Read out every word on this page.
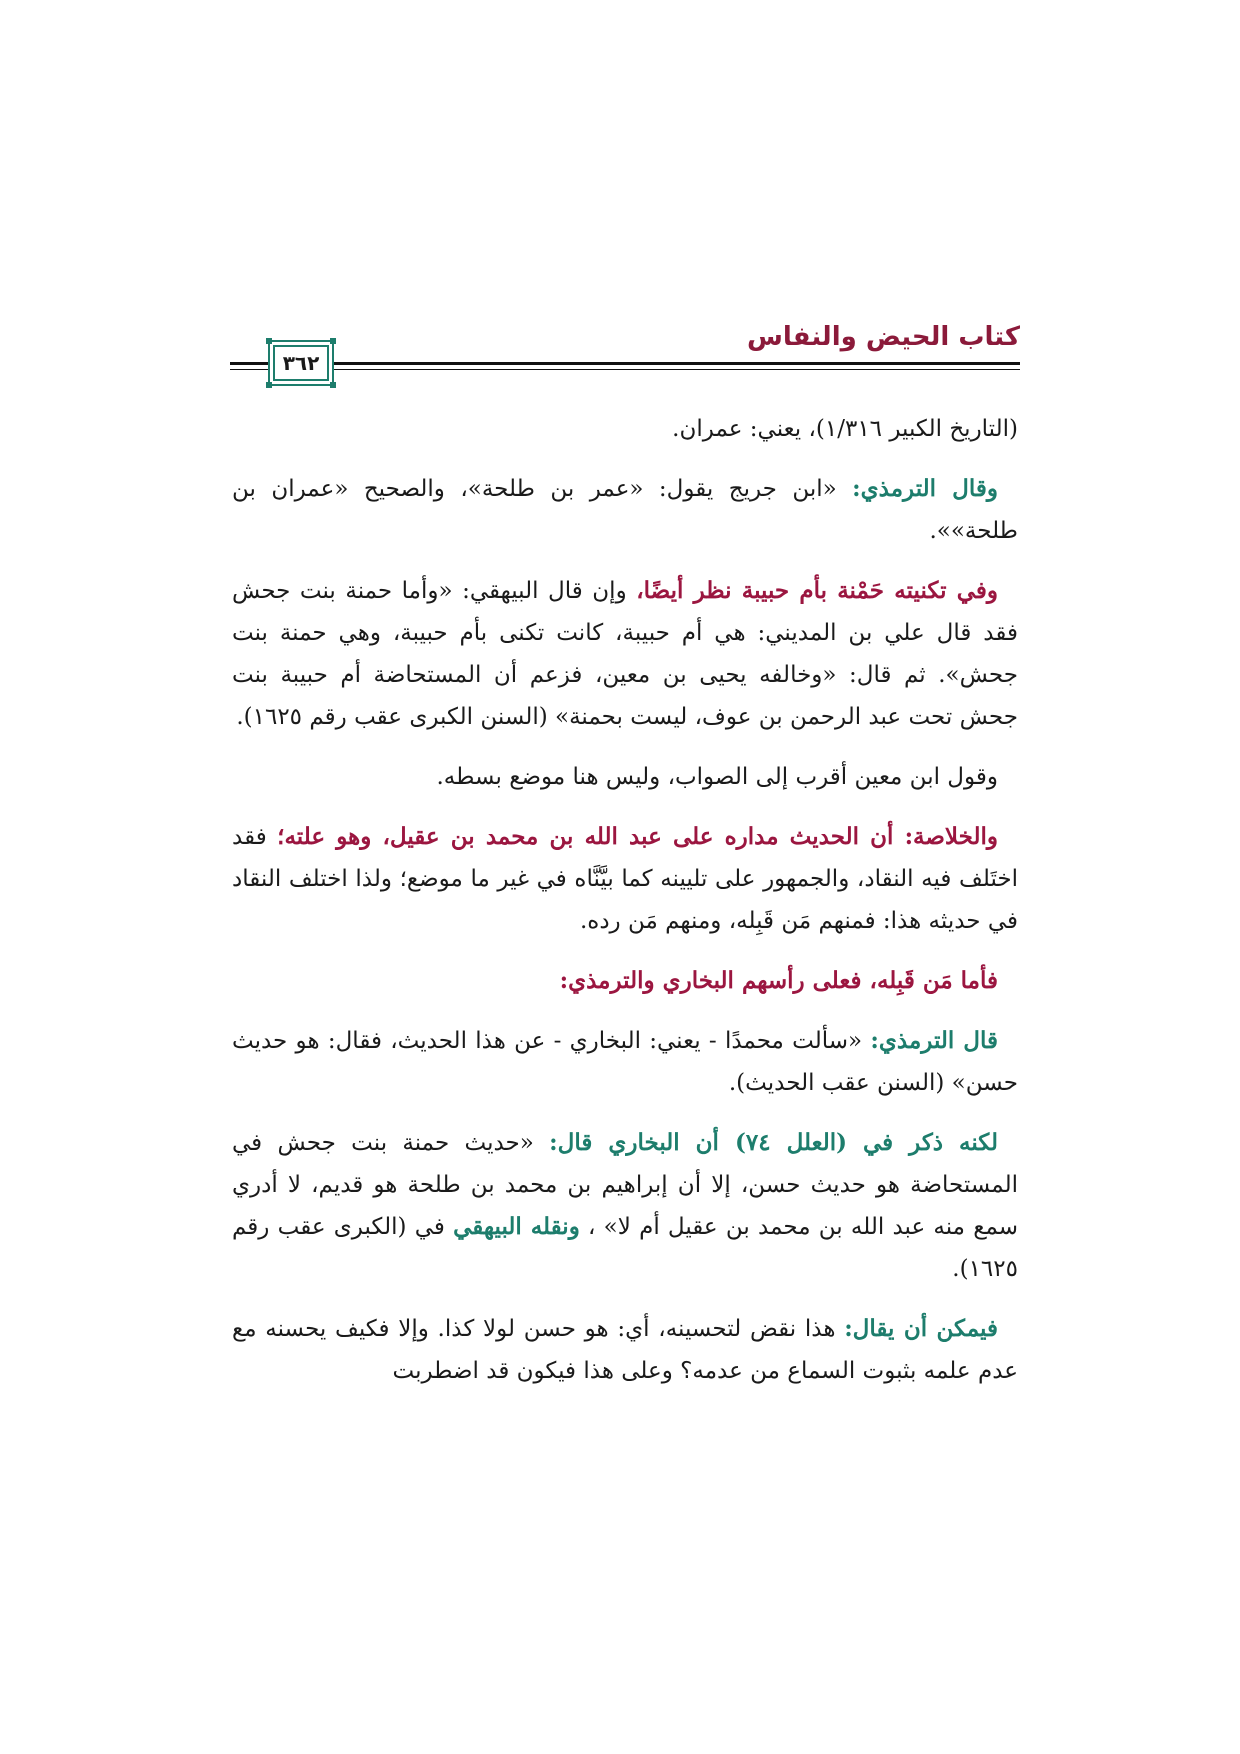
كتاب الحيض والنفاس
٣٦٢

(التاريخ الكبير ١/٣١٦)، يعني: عمران.

وقال الترمذي: «ابن جريج يقول: «عمر بن طلحة»، والصحيح «عمران بن طلحة»».

وفي تكنيته حَمْنة بأم حبيبة نظر أيضًا، وإن قال البيهقي: «وأما حمنة بنت جحش فقد قال علي بن المديني: هي أم حبيبة، كانت تكنى بأم حبيبة، وهي حمنة بنت جحش». ثم قال: «وخالفه يحيى بن معين، فزعم أن المستحاضة أم حبيبة بنت جحش تحت عبد الرحمن بن عوف، ليست بحمنة» (السنن الكبرى عقب رقم ١٦٢٥).

وقول ابن معين أقرب إلى الصواب، وليس هنا موضع بسطه.

والخلاصة: أن الحديث مداره على عبد الله بن محمد بن عقيل، وهو علته؛ فقد اختَلف فيه النقاد، والجمهور على تليينه كما بيَّنَّاه في غير ما موضع؛ ولذا اختلف النقاد في حديثه هذا: فمنهم مَن قَبِله، ومنهم مَن رده.

فأما مَن قَبِله، فعلى رأسهم البخاري والترمذي:

قال الترمذي: «سألت محمدًا - يعني: البخاري - عن هذا الحديث، فقال: هو حديث حسن» (السنن عقب الحديث).

لكنه ذكر في (العلل ٧٤) أن البخاري قال: «حديث حمنة بنت جحش في المستحاضة هو حديث حسن، إلا أن إبراهيم بن محمد بن طلحة هو قديم، لا أدري سمع منه عبد الله بن محمد بن عقيل أم لا» ، ونقله البيهقي في (الكبرى عقب رقم ١٦٢٥).

فيمكن أن يقال: هذا نقض لتحسينه، أي: هو حسن لولا كذا. وإلا فكيف يحسنه مع عدم علمه بثبوت السماع من عدمه؟ وعلى هذا فيكون قد اضطربت
